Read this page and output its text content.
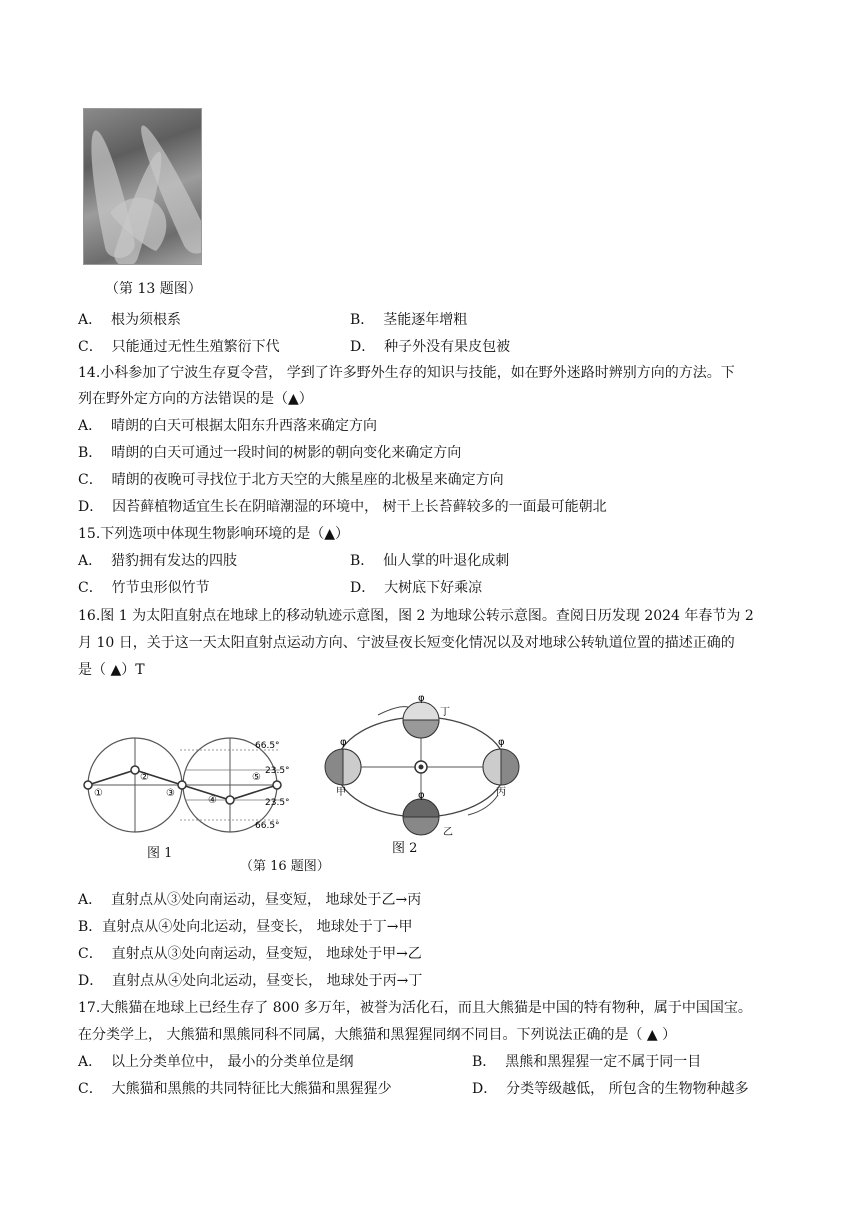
（第 13 题图）
A． 根为须根系	B． 茎能逐年增粗
C． 只能通过无性生殖繁衍下代	D． 种子外没有果皮包被
14.小科参加了宁波生存夏令营， 学到了许多野外生存的知识与技能，如在野外迷路时辨别方向的方法。下
列在野外定方向的方法错误的是（▲）
A． 晴朗的白天可根据太阳东升西落来确定方向
B． 晴朗的白天可通过一段时间的树影的朝向变化来确定方向
C． 晴朗的夜晚可寻找位于北方天空的大熊星座的北极星来确定方向
D． 因苔藓植物适宜生长在阴暗潮湿的环境中， 树干上长苔藓较多的一面最可能朝北
15.下列选项中体现生物影响环境的是（▲）
A． 猎豹拥有发达的四肢	B． 仙人掌的叶退化成刺
C． 竹节虫形似竹节	D． 大树底下好乘凉
16.图 1 为太阳直射点在地球上的移动轨迹示意图，图 2 为地球公转示意图。查阅日历发现 2024 年春节为 2
月 10 日，关于这一天太阳直射点运动方向、宁波昼夜长短变化情况以及对地球公转轨道位置的描述正确的
是（ ▲）T
①
②
③
④
⑤
66.5°
23.5°
23.5°
66.5°
图 1
（第 16 题图）
φ
φ
φ
φ
甲
乙
丙
丁
图 2
A． 直射点从③处向南运动，昼变短， 地球处于乙→丙
B．直射点从④处向北运动，昼变长， 地球处于丁→甲
C． 直射点从③处向南运动，昼变短， 地球处于甲→乙
D． 直射点从④处向北运动，昼变长， 地球处于丙→丁
17.大熊猫在地球上已经生存了 800 多万年，被誉为活化石，而且大熊猫是中国的特有物种，属于中国国宝。
在分类学上， 大熊猫和黑熊同科不同属，大熊猫和黑猩猩同纲不同目。下列说法正确的是（ ▲ ）
A． 以上分类单位中， 最小的分类单位是纲	B． 黑熊和黑猩猩一定不属于同一目
C． 大熊猫和黑熊的共同特征比大熊猫和黑猩猩少	D． 分类等级越低， 所包含的生物物种越多
